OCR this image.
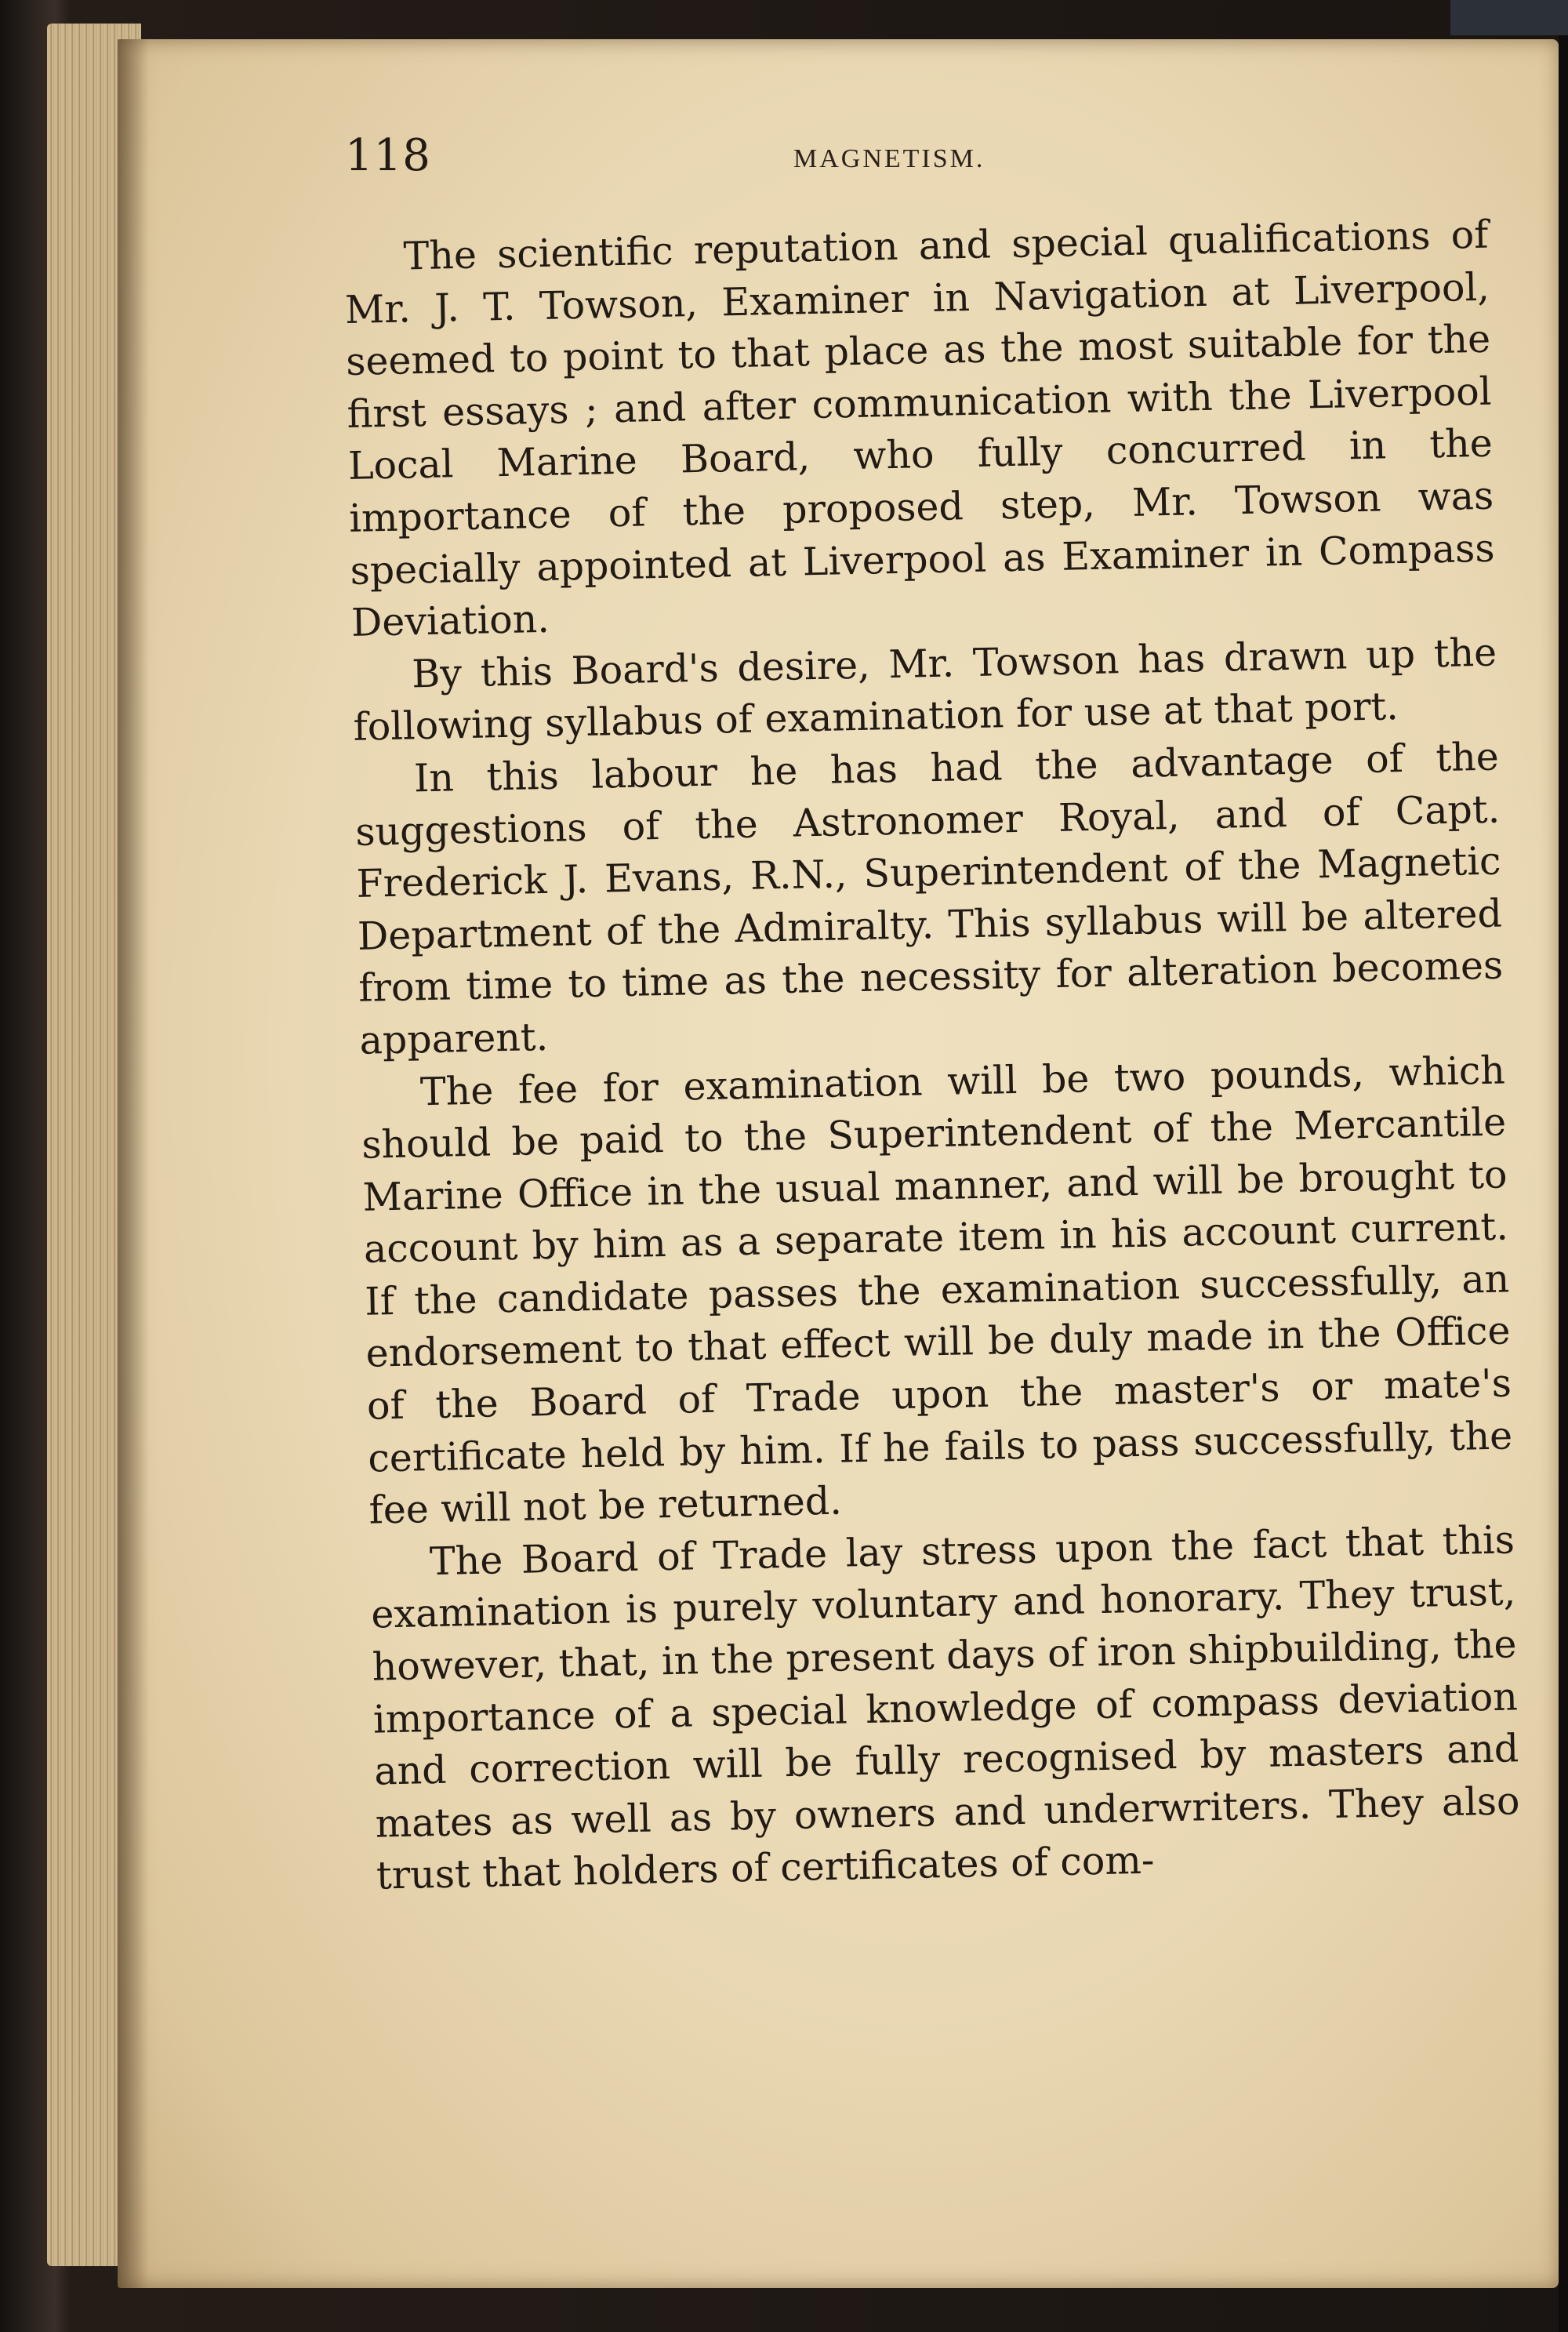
118	MAGNETISM.

The scientific reputation and special qualifications of Mr. J. T. Towson, Examiner in Navigation at Liverpool, seemed to point to that place as the most suitable for the first essays ; and after communication with the Liverpool Local Marine Board, who fully concurred in the importance of the proposed step, Mr. Towson was specially appointed at Liverpool as Examiner in Compass Deviation.

By this Board's desire, Mr. Towson has drawn up the following syllabus of examination for use at that port.

In this labour he has had the advantage of the suggestions of the Astronomer Royal, and of Capt. Frederick J. Evans, R.N., Superintendent of the Magnetic Department of the Admiralty. This syllabus will be altered from time to time as the necessity for alteration becomes apparent.

The fee for examination will be two pounds, which should be paid to the Superintendent of the Mercantile Marine Office in the usual manner, and will be brought to account by him as a separate item in his account current. If the candidate passes the examination successfully, an endorsement to that effect will be duly made in the Office of the Board of Trade upon the master's or mate's certificate held by him. If he fails to pass successfully, the fee will not be returned.

The Board of Trade lay stress upon the fact that this examination is purely voluntary and honorary. They trust, however, that, in the present days of iron shipbuilding, the importance of a special knowledge of compass deviation and correction will be fully recognised by masters and mates as well as by owners and underwriters. They also trust that holders of certificates of com-
